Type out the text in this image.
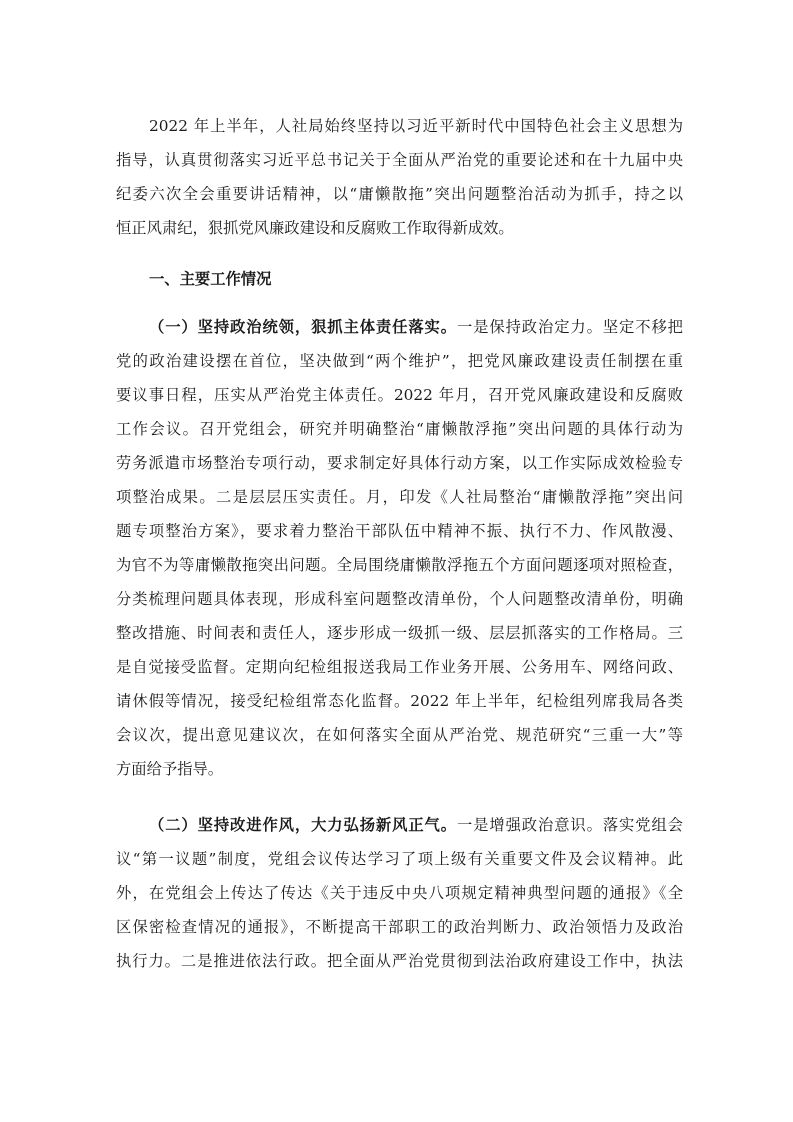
2022 年上半年，人社局始终坚持以习近平新时代中国特色社会主义思想为
指导，认真贯彻落实习近平总书记关于全面从严治党的重要论述和在十九届中央
纪委六次全会重要讲话精神，以“庸懒散拖”突出问题整治活动为抓手，持之以
恒正风肃纪，狠抓党风廉政建设和反腐败工作取得新成效。
一、主要工作情况
（一）坚持政治统领，狠抓主体责任落实。一是保持政治定力。坚定不移把
党的政治建设摆在首位，坚决做到“两个维护”，把党风廉政建设责任制摆在重
要议事日程，压实从严治党主体责任。2022 年月，召开党风廉政建设和反腐败
工作会议。召开党组会，研究并明确整治“庸懒散浮拖”突出问题的具体行动为
劳务派遣市场整治专项行动，要求制定好具体行动方案，以工作实际成效检验专
项整治成果。二是层层压实责任。月，印发《人社局整治“庸懒散浮拖”突出问
题专项整治方案》，要求着力整治干部队伍中精神不振、执行不力、作风散漫、
为官不为等庸懒散拖突出问题。全局围绕庸懒散浮拖五个方面问题逐项对照检查，
分类梳理问题具体表现，形成科室问题整改清单份，个人问题整改清单份，明确
整改措施、时间表和责任人，逐步形成一级抓一级、层层抓落实的工作格局。三
是自觉接受监督。定期向纪检组报送我局工作业务开展、公务用车、网络问政、
请休假等情况，接受纪检组常态化监督。2022 年上半年，纪检组列席我局各类
会议次，提出意见建议次，在如何落实全面从严治党、规范研究“三重一大”等
方面给予指导。
（二）坚持改进作风，大力弘扬新风正气。一是增强政治意识。落实党组会
议“第一议题”制度，党组会议传达学习了项上级有关重要文件及会议精神。此
外，在党组会上传达了传达《关于违反中央八项规定精神典型问题的通报》《全
区保密检查情况的通报》，不断提高干部职工的政治判断力、政治领悟力及政治
执行力。二是推进依法行政。把全面从严治党贯彻到法治政府建设工作中，执法
